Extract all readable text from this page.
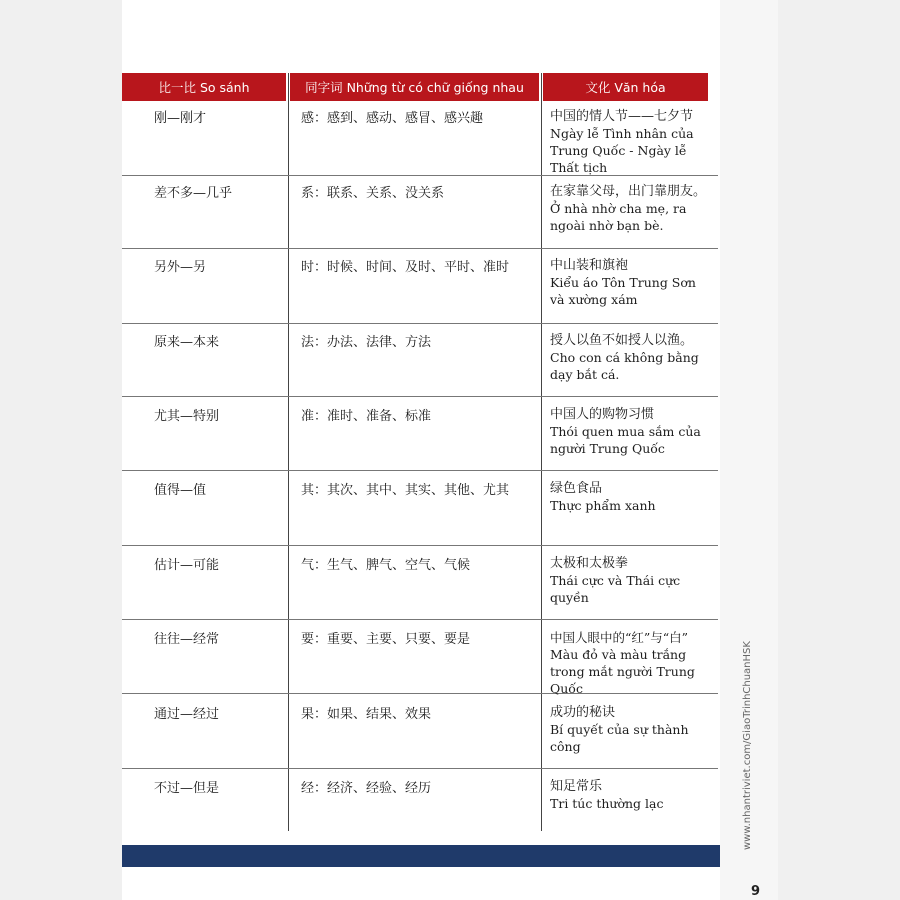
比一比 So sánh	同字词 Những từ có chữ giống nhau	文化 Văn hóa
刚—刚才	感：感到、感动、感冒、感兴趣	中国的情人节——七夕节
Ngày lễ Tình nhân của Trung Quốc - Ngày lễ Thất tịch
差不多—几乎	系：联系、关系、没关系	在家靠父母，出门靠朋友。
Ở nhà nhờ cha mẹ, ra ngoài nhờ bạn bè.
另外—另	时：时候、时间、及时、平时、准时	中山装和旗袍
Kiểu áo Tôn Trung Sơn và xường xám
原来—本来	法：办法、法律、方法	授人以鱼不如授人以渔。
Cho con cá không bằng dạy bắt cá.
尤其—特别	准：准时、准备、标准	中国人的购物习惯
Thói quen mua sắm của người Trung Quốc
值得—值	其：其次、其中、其实、其他、尤其	绿色食品
Thực phẩm xanh
估计—可能	气：生气、脾气、空气、气候	太极和太极拳
Thái cực và Thái cực quyền
往往—经常	要：重要、主要、只要、要是	中国人眼中的“红”与“白”
Màu đỏ và màu trắng trong mắt người Trung Quốc
通过—经过	果：如果、结果、效果	成功的秘诀
Bí quyết của sự thành công
不过—但是	经：经济、经验、经历	知足常乐
Tri túc thường lạc	www.nhantriviet.com/GiaoTrinhChuanHSK
9
